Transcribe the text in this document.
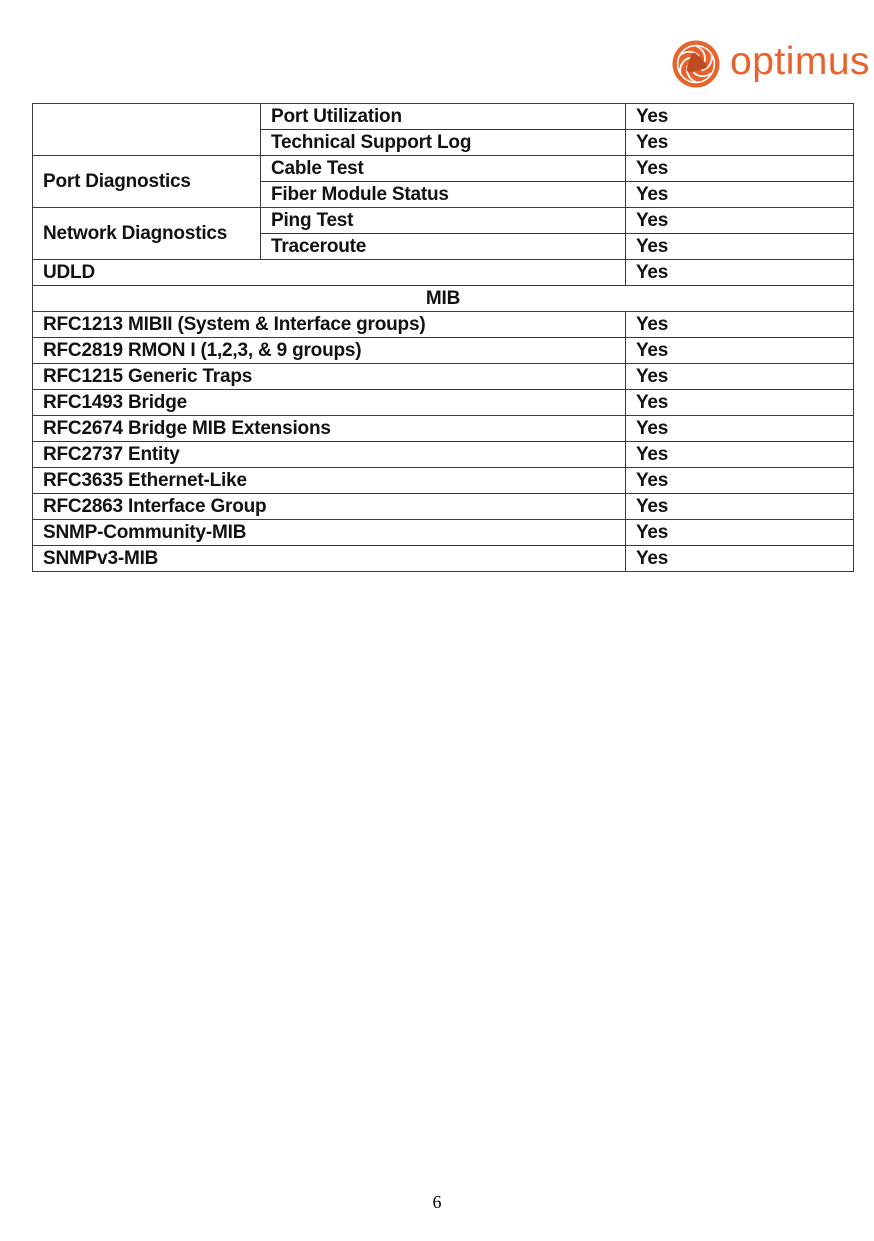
optimus
	Port Utilization	Yes
	Technical Support Log	Yes
Port Diagnostics	Cable Test	Yes
	Fiber Module Status	Yes
Network Diagnostics	Ping Test	Yes
	Traceroute	Yes
UDLD		Yes
MIB		
RFC1213 MIBII (System & Interface groups)		Yes
RFC2819 RMON I (1,2,3, & 9 groups)		Yes
RFC1215 Generic Traps		Yes
RFC1493 Bridge		Yes
RFC2674 Bridge MIB Extensions		Yes
RFC2737 Entity		Yes
RFC3635 Ethernet-Like		Yes
RFC2863 Interface Group		Yes
SNMP-Community-MIB		Yes
SNMPv3-MIB		Yes
6
